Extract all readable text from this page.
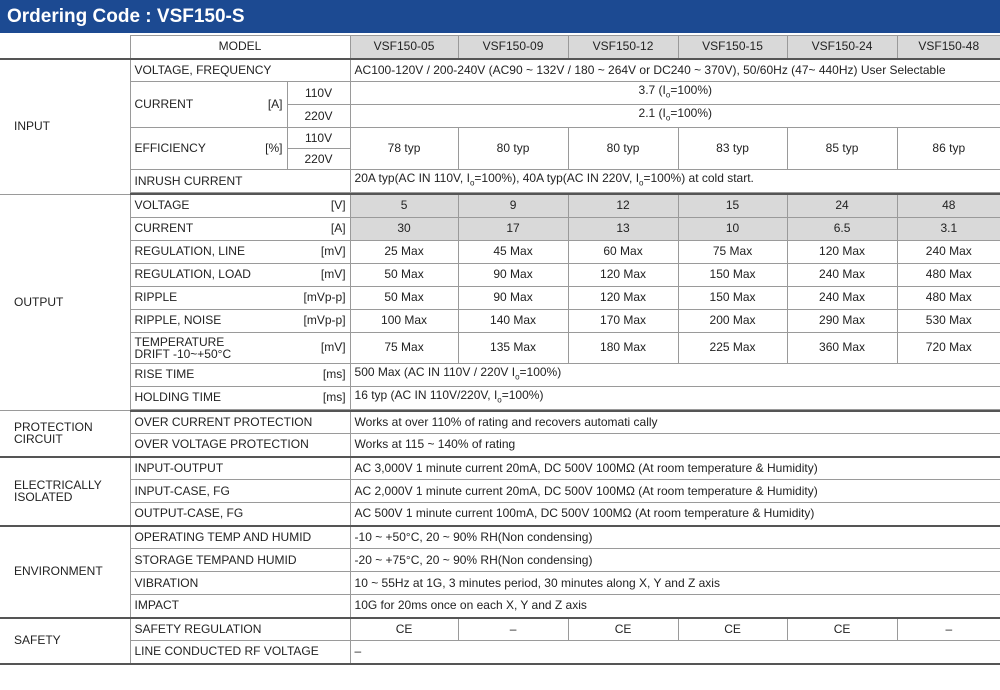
Ordering Code : VSF150-S
	MODEL			VSF150-05	VSF150-09	VSF150-12	VSF150-15	VSF150-24	VSF150-48
INPUT	VOLTAGE, FREQUENCY			AC100-120V / 200-240V (AC90 ~ 132V / 180 ~ 264V or DC240 ~ 370V), 50/60Hz (47~ 440Hz) User Selectable					
	CURRENT	[A]	110V	3.7 $(I_o=100\%)$					
			220V	2.1 $(I_o=100\%)$					
	EFFICIENCY	[%]	110V	78 typ	80 typ	80 typ	83 typ	85 typ	86 typ
			220V						
	INRUSH CURRENT			20A typ(AC IN 110V, $I_o=100\%$), 40A typ(AC IN 220V, $I_o=100\%$) at cold start.					

OUTPUT	VOLTAGE		[V]	5	9	12	15	24	48
	CURRENT		[A]	30	17	13	10	6.5	3.1
	REGULATION, LINE		[mV]	25 Max	45 Max	60 Max	75 Max	120 Max	240 Max
	REGULATION, LOAD		[mV]	50 Max	90 Max	120 Max	150 Max	240 Max	480 Max
	RIPPLE		[mVp-p]	50 Max	90 Max	120 Max	150 Max	240 Max	480 Max
	RIPPLE, NOISE		[mVp-p]	100 Max	140 Max	170 Max	200 Max	290 Max	530 Max
	TEMPERATURE
DRIFT -10~+50°C		[mV]	75 Max	135 Max	180 Max	225 Max	360 Max	720 Max
	RISE TIME		[ms]	500 Max (AC IN 110V / 220V $I_o=100\%$)					
	HOLDING TIME		[ms]	16 typ (AC IN 110V/220V, $I_o=100\%$)					

PROTECTION
CIRCUIT	OVER CURRENT PROTECTION			Works at over 110% of rating and recovers automati cally					
	OVER VOLTAGE PROTECTION			Works at 115 ~ 140% of rating					
ELECTRICALLY
ISOLATED	INPUT-OUTPUT			AC 3,000V 1 minute current 20mA, DC 500V 100MΩ (At room temperature & Humidity)					
	INPUT-CASE, FG			AC 2,000V 1 minute current 20mA, DC 500V 100MΩ (At room temperature & Humidity)					
	OUTPUT-CASE, FG			AC 500V 1 minute current 100mA, DC 500V 100MΩ (At room temperature & Humidity)					
ENVIRONMENT	OPERATING TEMP AND HUMID			-10 ~ +50°C, 20 ~ 90% RH(Non condensing)					
	STORAGE TEMPAND HUMID			-20 ~ +75°C, 20 ~ 90% RH(Non condensing)					
	VIBRATION			10 ~ 55Hz at 1G, 3 minutes period, 30 minutes along X, Y and Z axis					
	IMPACT			10G for 20ms once on each X, Y and Z axis					
SAFETY	SAFETY REGULATION			CE	–	CE	CE	CE	–
	LINE CONDUCTED RF VOLTAGE			–					
